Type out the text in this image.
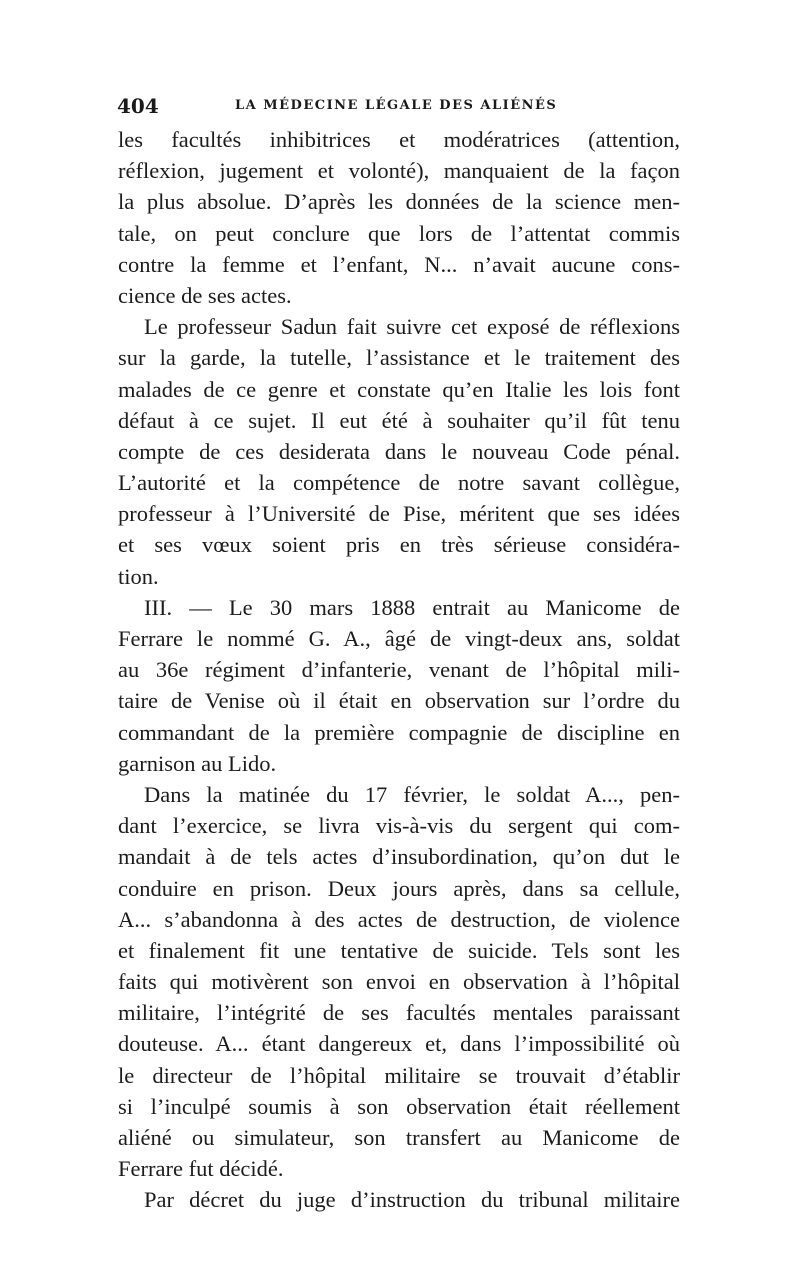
404	LA MÉDECINE LÉGALE DES ALIÉNÉS
les facultés inhibitrices et modératrices (attention,
réflexion, jugement et volonté), manquaient de la façon
la plus absolue. D’après les données de la science men-
tale, on peut conclure que lors de l’attentat commis
contre la femme et l’enfant, N... n’avait aucune cons-
cience de ses actes.
Le professeur Sadun fait suivre cet exposé de réflexions
sur la garde, la tutelle, l’assistance et le traitement des
malades de ce genre et constate qu’en Italie les lois font
défaut à ce sujet. Il eut été à souhaiter qu’il fût tenu
compte de ces desiderata dans le nouveau Code pénal.
L’autorité et la compétence de notre savant collègue,
professeur à l’Université de Pise, méritent que ses idées
et ses vœux soient pris en très sérieuse considéra-
tion.
III. — Le 30 mars 1888 entrait au Manicome de
Ferrare le nommé G. A., âgé de vingt-deux ans, soldat
au 36e régiment d’infanterie, venant de l’hôpital mili-
taire de Venise où il était en observation sur l’ordre du
commandant de la première compagnie de discipline en
garnison au Lido.
Dans la matinée du 17 février, le soldat A..., pen-
dant l’exercice, se livra vis-à-vis du sergent qui com-
mandait à de tels actes d’insubordination, qu’on dut le
conduire en prison. Deux jours après, dans sa cellule,
A... s’abandonna à des actes de destruction, de violence
et finalement fit une tentative de suicide. Tels sont les
faits qui motivèrent son envoi en observation à l’hôpital
militaire, l’intégrité de ses facultés mentales paraissant
douteuse. A... étant dangereux et, dans l’impossibilité où
le directeur de l’hôpital militaire se trouvait d’établir
si l’inculpé soumis à son observation était réellement
aliéné ou simulateur, son transfert au Manicome de
Ferrare fut décidé.
Par décret du juge d’instruction du tribunal militaire
